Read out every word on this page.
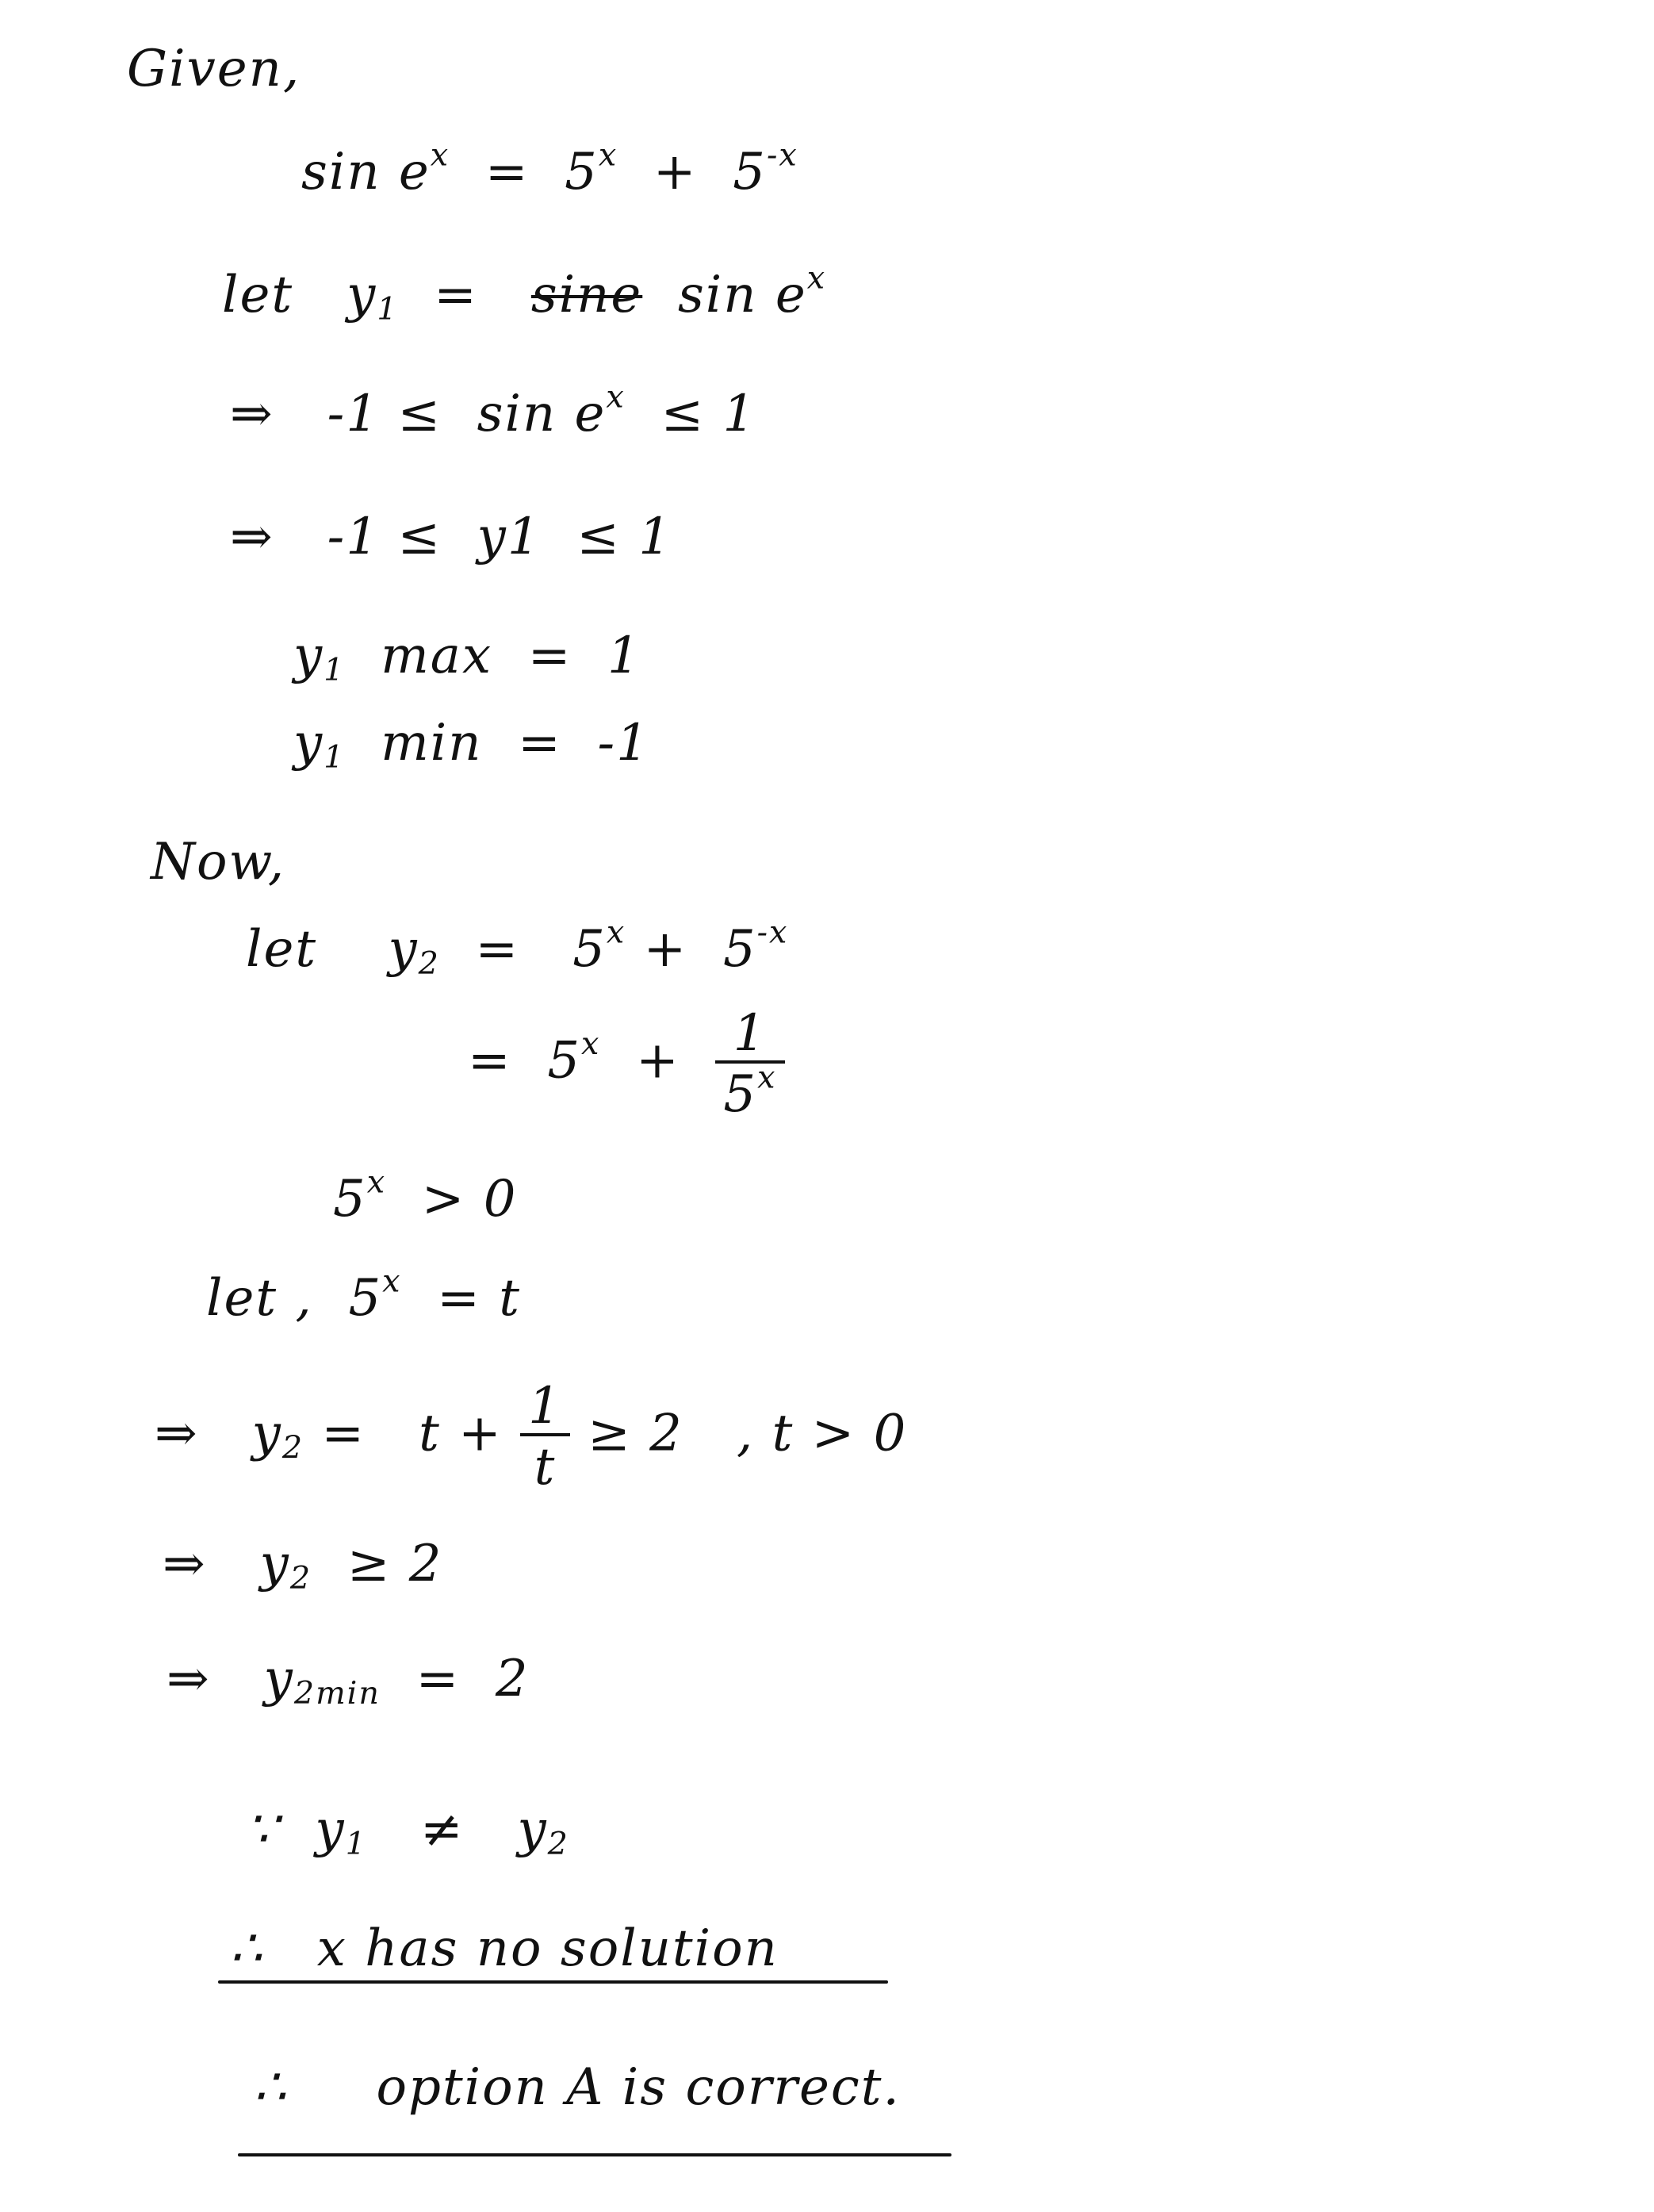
Given,
$\sin e^x = 5^x + 5^{-x}$
let $y_1 = \sin e$ $\sin e^x$
⇒ $-1 \le \sin e^x \le 1$
⇒ -1 ≤ y1 ≤ 1
$y_1$ max = 1
$y_1$ min = -1
Now,
let $y_2 = 5^x + 5^{-x}$
= $5^x + \frac{1}{5^x}$
$5^x > 0$
let , $5^x = t$
⇒ $y_2 = t + \frac{1}{t} \ge 2$ , t > 0
⇒ $y_2 \ge 2$
⇒ $y_{2min} = 2$
∵ $y_1 \ne y_2$
∴ x has no solution
∴ option A is correct.
